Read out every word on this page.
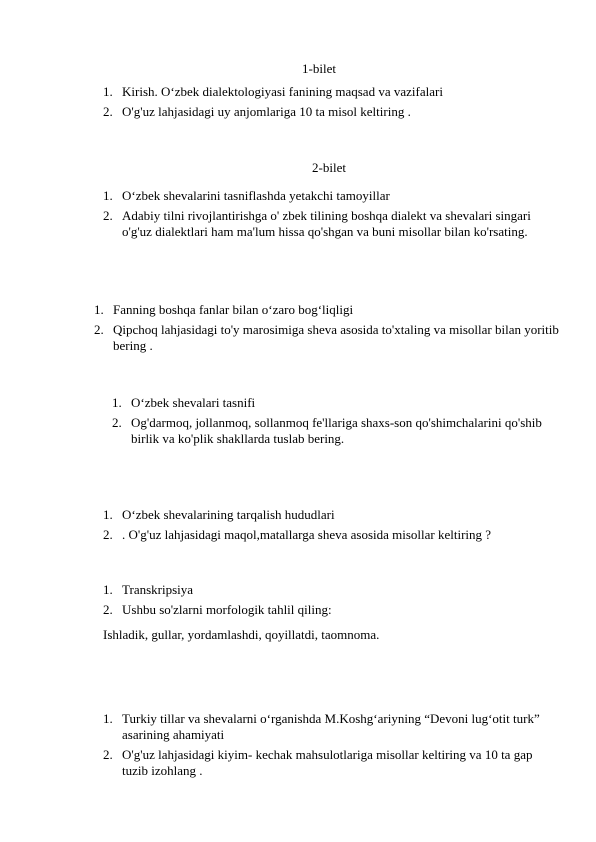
1-bilet
1. Kirish. O‘zbek dialektologiyasi fanining maqsad va vazifalari
2. O'g'uz lahjasidagi uy anjomlariga 10 ta misol keltiring .
2-bilet
1. O‘zbek shevalarini tasniflashda yetakchi tamoyillar
2. Adabiy tilni rivojlantirishga o' zbek tilining boshqa dialekt va shevalari singari o'g'uz dialektlari ham ma'lum hissa qo'shgan va buni misollar bilan ko'rsating.
1. Fanning boshqa fanlar bilan o‘zaro bog‘liqligi
2. Qipchoq lahjasidagi to'y marosimiga sheva asosida to'xtaling va misollar bilan yoritib bering .
1. O‘zbek shevalari tasnifi
2. Og'darmoq, jollanmoq, sollanmoq fe'llariga shaxs-son qo'shimchalarini qo'shib birlik va ko'plik shakllarda tuslab bering.
1. O‘zbek shevalarining tarqalish hududlari
2. . O'g'uz lahjasidagi maqol,matallarga sheva asosida misollar keltiring ?
1. Transkripsiya
2. Ushbu so'zlarni morfologik tahlil qiling:
Ishladik, gullar, yordamlashdi, qoyillatdi, taomnoma.
1. Turkiy tillar va shevalarni o‘rganishda M.Koshg‘ariyning “Devoni lug‘otit turk” asarining ahamiyati
2. O'g'uz lahjasidagi kiyim- kechak mahsulotlariga misollar keltiring va 10 ta gap tuzib izohlang .
